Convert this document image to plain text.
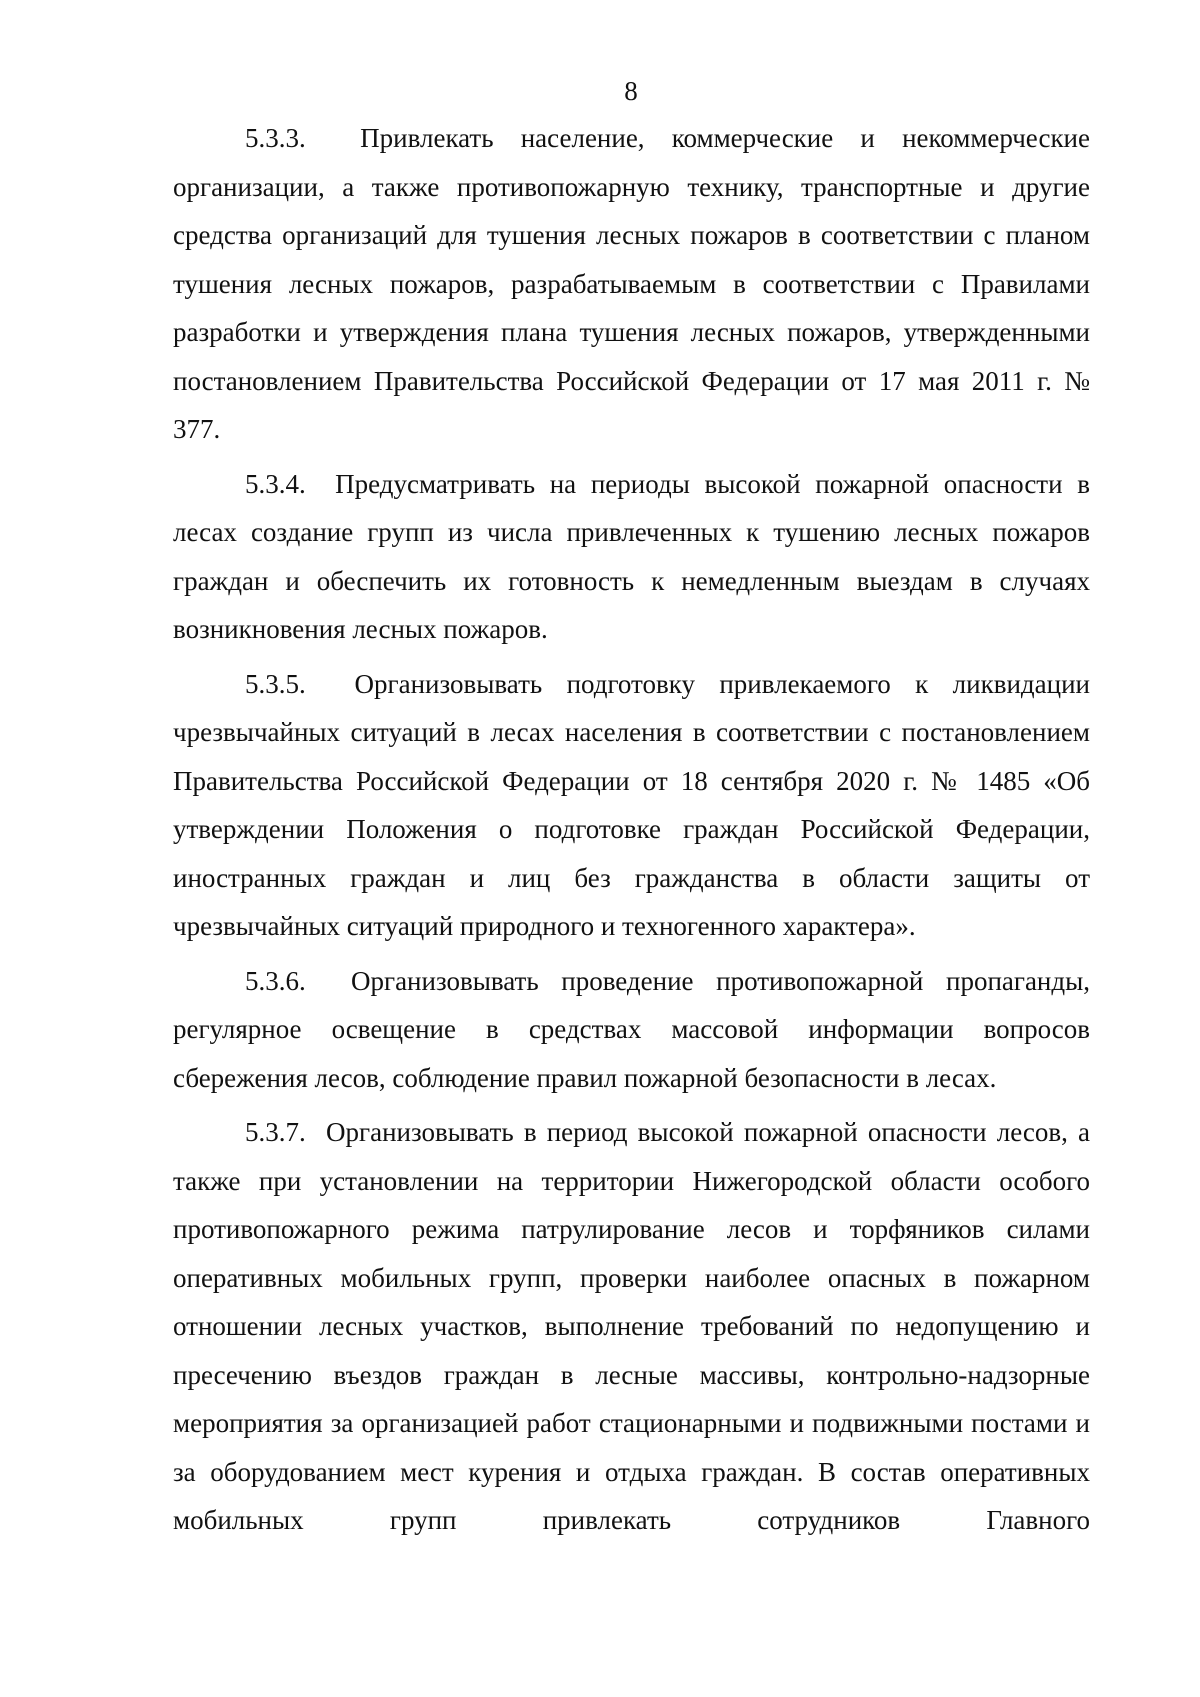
8

5.3.3. Привлекать население, коммерческие и некоммерческие организации, а также противопожарную технику, транспортные и другие средства организаций для тушения лесных пожаров в соответствии с планом тушения лесных пожаров, разрабатываемым в соответствии с Правилами разработки и утверждения плана тушения лесных пожаров, утвержденными постановлением Правительства Российской Федерации от 17 мая 2011 г. № 377.

5.3.4. Предусматривать на периоды высокой пожарной опасности в лесах создание групп из числа привлеченных к тушению лесных пожаров граждан и обеспечить их готовность к немедленным выездам в случаях возникновения лесных пожаров.

5.3.5. Организовывать подготовку привлекаемого к ликвидации чрезвычайных ситуаций в лесах населения в соответствии с постановлением Правительства Российской Федерации от 18 сентября 2020 г. № 1485 «Об утверждении Положения о подготовке граждан Российской Федерации, иностранных граждан и лиц без гражданства в области защиты от чрезвычайных ситуаций природного и техногенного характера».

5.3.6. Организовывать проведение противопожарной пропаганды, регулярное освещение в средствах массовой информации вопросов сбережения лесов, соблюдение правил пожарной безопасности в лесах.

5.3.7. Организовывать в период высокой пожарной опасности лесов, а также при установлении на территории Нижегородской области особого противопожарного режима патрулирование лесов и торфяников силами оперативных мобильных групп, проверки наиболее опасных в пожарном отношении лесных участков, выполнение требований по недопущению и пресечению въездов граждан в лесные массивы, контрольно-надзорные мероприятия за организацией работ стационарными и подвижными постами и за оборудованием мест курения и отдыха граждан. В состав оперативных мобильных групп привлекать сотрудников Главного
